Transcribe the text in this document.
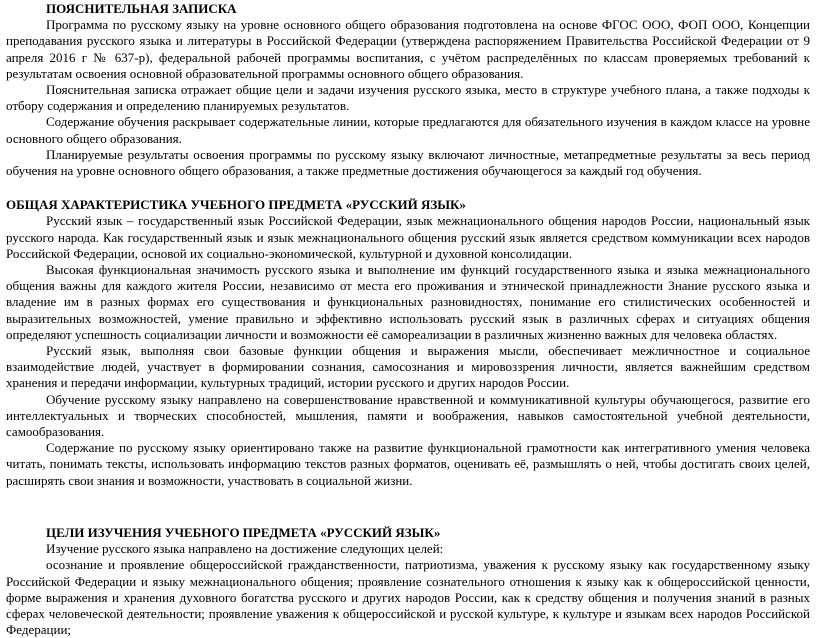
ПОЯСНИТЕЛЬНАЯ ЗАПИСКА

Программа по русскому языку на уровне основного общего образования подготовлена на основе ФГОС ООО, ФОП ООО, Концепции преподавания русского языка и литературы в Российской Федерации (утверждена распоряжением Правительства Российской Федерации от 9 апреля 2016 г № 637-р), федеральной рабочей программы воспитания, с учётом распределённых по классам проверяемых требований к результатам освоения основной образовательной программы основного общего образования.

Пояснительная записка отражает общие цели и задачи изучения русского языка, место в структуре учебного плана, а также подходы к отбору содержания и определению планируемых результатов.

Содержание обучения раскрывает содержательные линии, которые предлагаются для обязательного изучения в каждом классе на уровне основного общего образования.

Планируемые результаты освоения программы по русскому языку включают личностные, метапредметные результаты за весь период обучения на уровне основного общего образования, а также предметные достижения обучающегося за каждый год обучения.

ОБЩАЯ ХАРАКТЕРИСТИКА УЧЕБНОГО ПРЕДМЕТА «РУССКИЙ ЯЗЫК»

Русский язык – государственный язык Российской Федерации, язык межнационального общения народов России, национальный язык русского народа. Как государственный язык и язык межнационального общения русский язык является средством коммуникации всех народов Российской Федерации, основой их социально-экономической, культурной и духовной консолидации.

Высокая функциональная значимость русского языка и выполнение им функций государственного языка и языка межнационального общения важны для каждого жителя России, независимо от места его проживания и этнической принадлежности Знание русского языка и владение им в разных формах его существования и функциональных разновидностях, понимание его стилистических особенностей и выразительных возможностей, умение правильно и эффективно использовать русский язык в различных сферах и ситуациях общения определяют успешность социализации личности и возможности её самореализации в различных жизненно важных для человека областях.

Русский язык, выполняя свои базовые функции общения и выражения мысли, обеспечивает межличностное и социальное взаимодействие людей, участвует в формировании сознания, самосознания и мировоззрения личности, является важнейшим средством хранения и передачи информации, культурных традиций, истории русского и других народов России.

Обучение русскому языку направлено на совершенствование нравственной и коммуникативной культуры обучающегося, развитие его интеллектуальных и творческих способностей, мышления, памяти и воображения, навыков самостоятельной учебной деятельности, самообразования.

Содержание по русскому языку ориентировано также на развитие функциональной грамотности как интегративного умения человека читать, понимать тексты, использовать информацию текстов разных форматов, оценивать её, размышлять о ней, чтобы достигать своих целей, расширять свои знания и возможности, участвовать в социальной жизни.

ЦЕЛИ ИЗУЧЕНИЯ УЧЕБНОГО ПРЕДМЕТА «РУССКИЙ ЯЗЫК»

Изучение русского языка направлено на достижение следующих целей:

осознание и проявление общероссийской гражданственности, патриотизма, уважения к русскому языку как государственному языку Российской Федерации и языку межнационального общения; проявление сознательного отношения к языку как к общероссийской ценности, форме выражения и хранения духовного богатства русского и других народов России, как к средству общения и получения знаний в разных сферах человеческой деятельности; проявление уважения к общероссийской и русской культуре, к культуре и языкам всех народов Российской Федерации;
